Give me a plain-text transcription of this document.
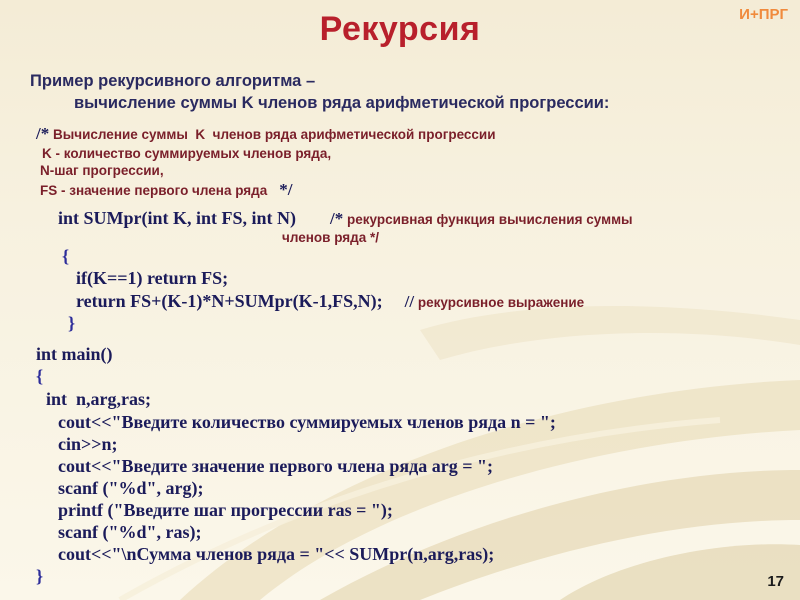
Рекурсия	И+ПРГ
Пример рекурсивного алгоритма –
вычисление суммы K членов ряда арифметической прогрессии:
/* Вычисление суммы  K  членов ряда арифметической прогрессии
K - количество суммируемых членов ряда,
N-шаг прогрессии,
FS - значение первого члена ряда */
int SUMpr(int K, int FS, int N) /* рекурсивная функция вычисления суммы
членов ряда */
{
if(K==1) return FS;
return FS+(K-1)*N+SUMpr(K-1,FS,N); // рекурсивное выражение
}
int main()
{
int  n,arg,ras;
cout<<"Введите количество суммируемых членов ряда n = ";
cin>>n;
cout<<"Введите значение первого члена ряда arg = ";
scanf ("%d", arg);
printf ("Введите шаг прогрессии ras = ");
scanf ("%d", ras);
cout<<"\nСумма членов ряда = "<< SUMpr(n,arg,ras);
}	17
